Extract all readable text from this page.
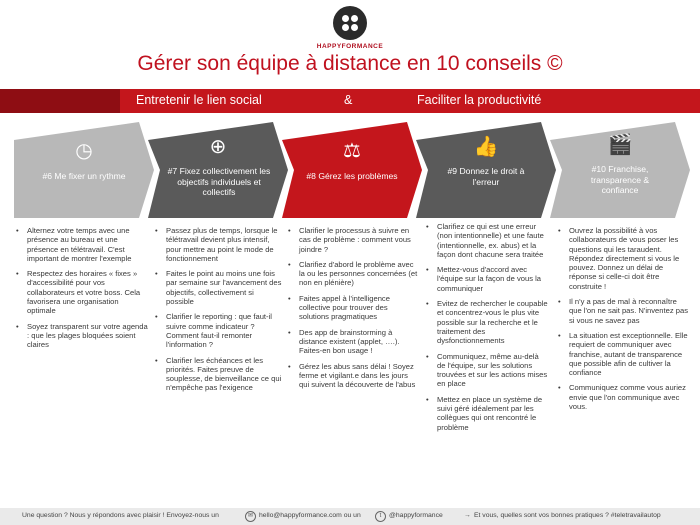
HAPPYFORMANCE
Gérer son équipe à distance en 10 conseils ©
Entretenir le lien social	&	Faciliter la productivité
◷
#6 Me fixer un rythme
⊕
#7 Fixez collectivement les objectifs individuels et collectifs
⚖
#8 Gérez les problèmes
👍
#9 Donnez le droit à l'erreur
🎬
#10 Franchise, transparence & confiance
• Alternez votre temps avec une présence au bureau et une présence en télétravail. C'est important de montrer l'exemple
• Respectez des horaires « fixes » d'accessibilité pour vos collaborateurs et votre boss. Cela favorisera une organisation optimale
• Soyez transparent sur votre agenda : que les plages bloquées soient claires
• Passez plus de temps, lorsque le télétravail devient plus intensif, pour mettre au point le mode de fonctionnement
• Faites le point au moins une fois par semaine sur l'avancement des objectifs, collectivement si possible
• Clarifier le reporting : que faut-il suivre comme indicateur ? Comment faut-il remonter l'information ?
• Clarifier les échéances et les priorités. Faites preuve de souplesse, de bienveillance ce qui n'empêche pas l'exigence
• Clarifier le processus à suivre en cas de problème : comment vous joindre ?
• Clarifiez d'abord le problème avec la ou les personnes concernées (et non en plénière)
• Faites appel à l'intelligence collective pour trouver des solutions pragmatiques
• Des app de brainstorming à distance existent (applet, ….). Faites-en bon usage !
• Gérez les abus sans délai ! Soyez ferme et vigilant.e dans les jours qui suivent la découverte de l'abus
• Clarifiez ce qui est une erreur (non intentionnelle) et une faute (intentionnelle, ex. abus) et la façon dont chacune sera traitée
• Mettez-vous d'accord avec l'équipe sur la façon de vous la communiquer
• Evitez de rechercher le coupable et concentrez-vous le plus vite possible sur la recherche et le traitement des dysfonctionnements
• Communiquez, même au-delà de l'équipe, sur les solutions trouvées et sur les actions mises en place
• Mettez en place un système de suivi géré idéalement par les collègues qui ont rencontré le problème
• Ouvrez la possibilité à vos collaborateurs de vous poser les questions qui les taraudent. Répondez directement si vous le pouvez. Donnez un délai de réponse si celle-ci doit être construite !
• Il n'y a pas de mal à reconnaître que l'on ne sait pas. N'inventez pas si vous ne savez pas
• La situation est exceptionnelle. Elle requiert de communiquer avec franchise, autant de transparence que possible afin de cultiver la confiance
• Communiquez comme vous auriez envie que l'on communique avec vous.
Une question ? Nous y répondons avec plaisir ! Envoyez-nous un	✉ hello@happyformance.com ou un	t	@happyformance	→ Et vous, quelles sont vos bonnes pratiques ? #teletravailautop
